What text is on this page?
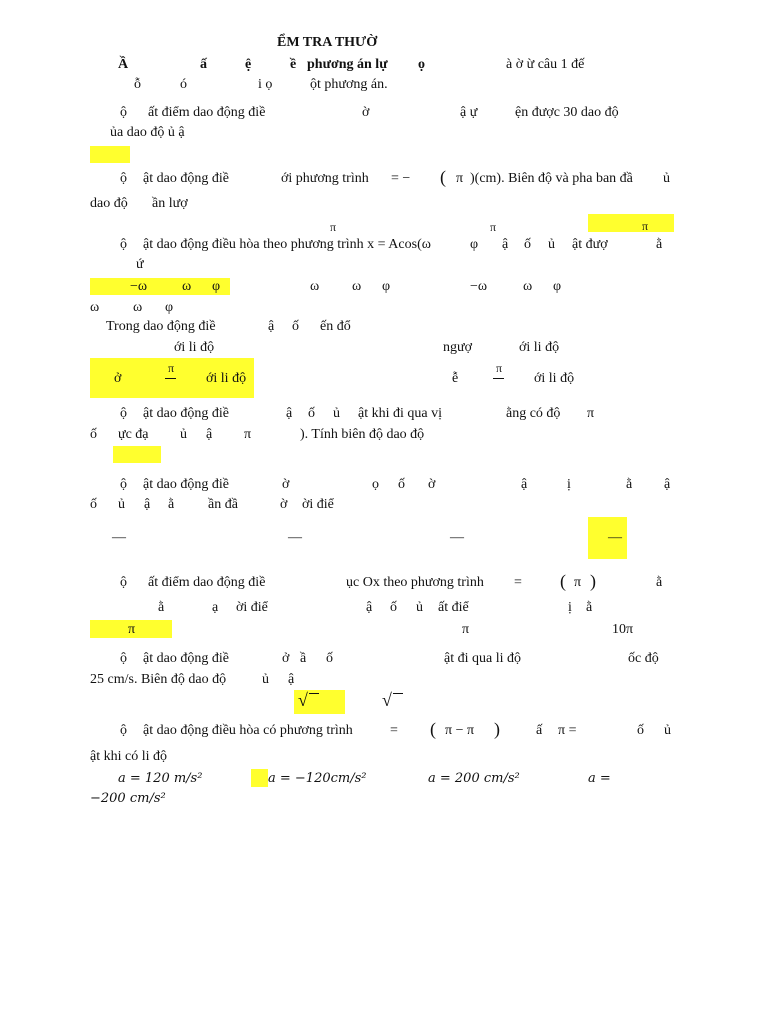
ỂM TRA THƯỜ
Ầ	ấ	ệ	ề phương án lự ọ	à ờ ừ câu 1 đế
ỗ	ó	i ọ	ột phương án.
ộ ất điểm dao động điề	ờ	ậ ự	ện được 30 dao độ
ủa dao độ ủ ậ
ộ ật dao động điề	ới phương trình = − ( π )(cm). Biên độ và pha ban đầ ủ
dao độ ần lượ
π	π	π
ộ ật dao động điều hòa theo phương trình x = Acos(ω	φ ậ ố ủ ật đượ	ằ
ứ
−ω ω φ	ω ω φ	−ω	ω φ
ω ω φ
Trong dao động điề	ậ ố ến đổ
ới li độ	ngượ	ới li độ
ở
π
ới li độ	ễ
π
ới li độ
ộ ật dao động điề	ậ ố ủ ật khi đi qua vị	ằng có độ π
ố ực đạ ủ ậ π	). Tính biên độ dao độ
ộ ật dao động điề	ờ	ọ ố ờ	ậ	ị	ằ ậ
ố ủ ậ ằ ần đầ	ờ ời điể
—	—	—	—
ộ ất điểm dao động điề	ục Ox theo phương trình = ( π )	ằ
ằ	ạ ời điể	ậ ố ủ ất điể	ị ằ
π	π	10π
ộ ật dao động điề	ở ầ ố	ật đi qua li độ	ốc độ
25 cm/s. Biên độ dao độ	ủ ậ
√	√
ộ ật dao động điều hòa có phương trình	= ( π − π )	ấ π =	ố ủ
ật khi có li độ
a = 120 m/s²	a = −120cm/s²	a = 200 cm/s²	a =
−200 cm/s²
